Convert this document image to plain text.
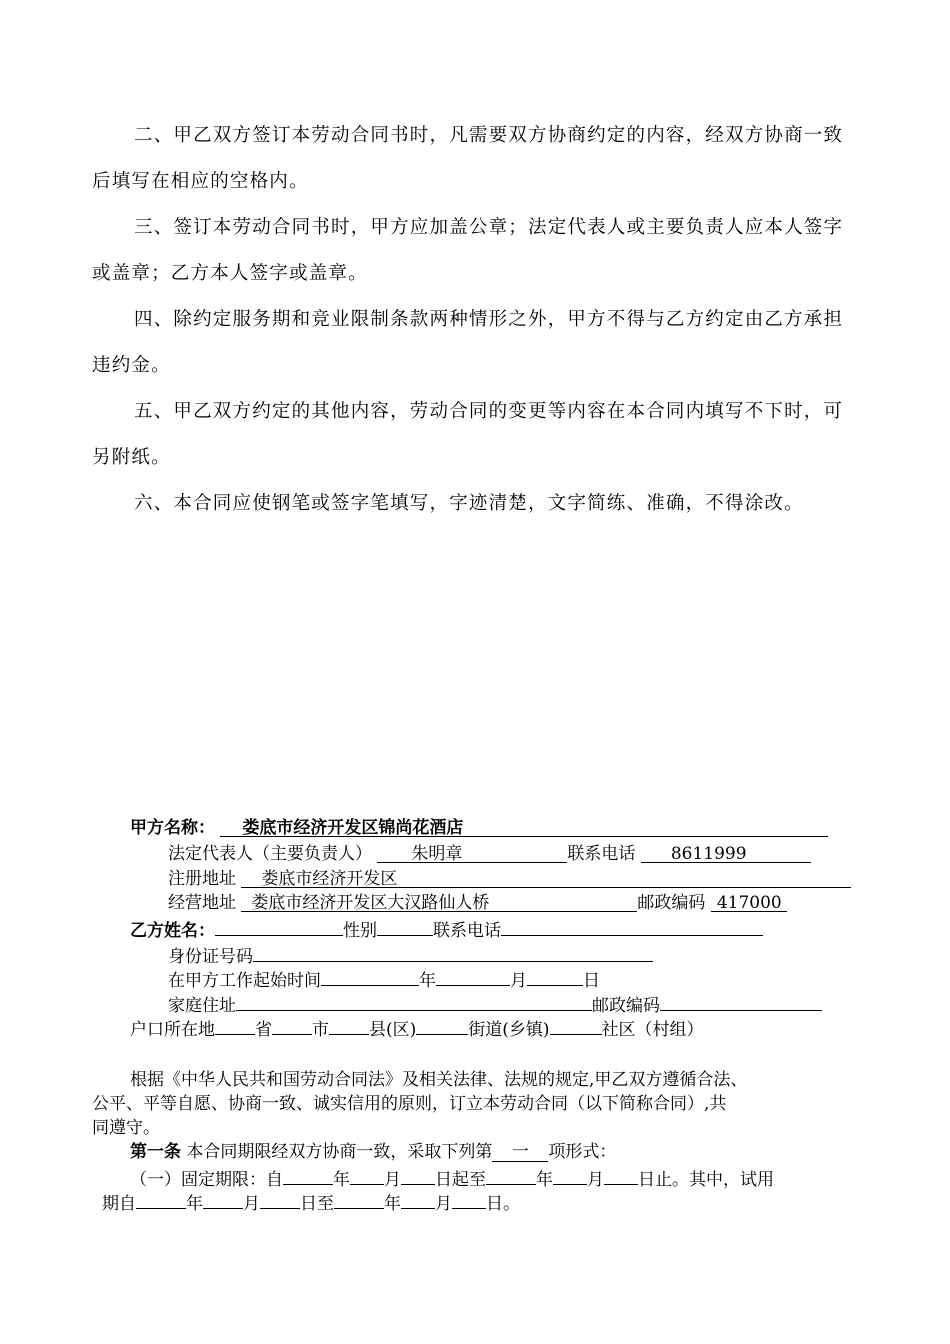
二、甲乙双方签订本劳动合同书时，凡需要双方协商约定的内容，经双方协商一致后填写在相应的空格内。

三、签订本劳动合同书时，甲方应加盖公章；法定代表人或主要负责人应本人签字或盖章；乙方本人签字或盖章。

四、除约定服务期和竞业限制条款两种情形之外，甲方不得与乙方约定由乙方承担违约金。

五、甲乙双方约定的其他内容，劳动合同的变更等内容在本合同内填写不下时，可另附纸。

六、本合同应使钢笔或签字笔填写，字迹清楚，文字简练、准确，不得涂改。

甲方名称： 娄底市经济开发区锦尚花酒店
法定代表人（主要负责人） 朱明章	联系电话 8611999
注册地址 娄底市经济开发区
经营地址 娄底市经济开发区大汉路仙人桥	邮政编码 417000
乙方姓名：	性别	联系电话
身份证号码
在甲方工作起始时间	年	月	日
家庭住址	邮政编码
户口所在地 省 市 县(区)	街道(乡镇)	社区（村组）
根据《中华人民共和国劳动合同法》及相关法律、法规的规定,甲乙双方遵循合法、
公平、平等自愿、协商一致、诚实信用的原则，订立本劳动合同（以下简称合同）,共
同遵守。
第一条 本合同期限经双方协商一致，采取下列第 一 项形式：
（一）固定期限：自	年 月 日起至	年 月 日止。其中，试用
期自	年 月 日至	年 月 日。
